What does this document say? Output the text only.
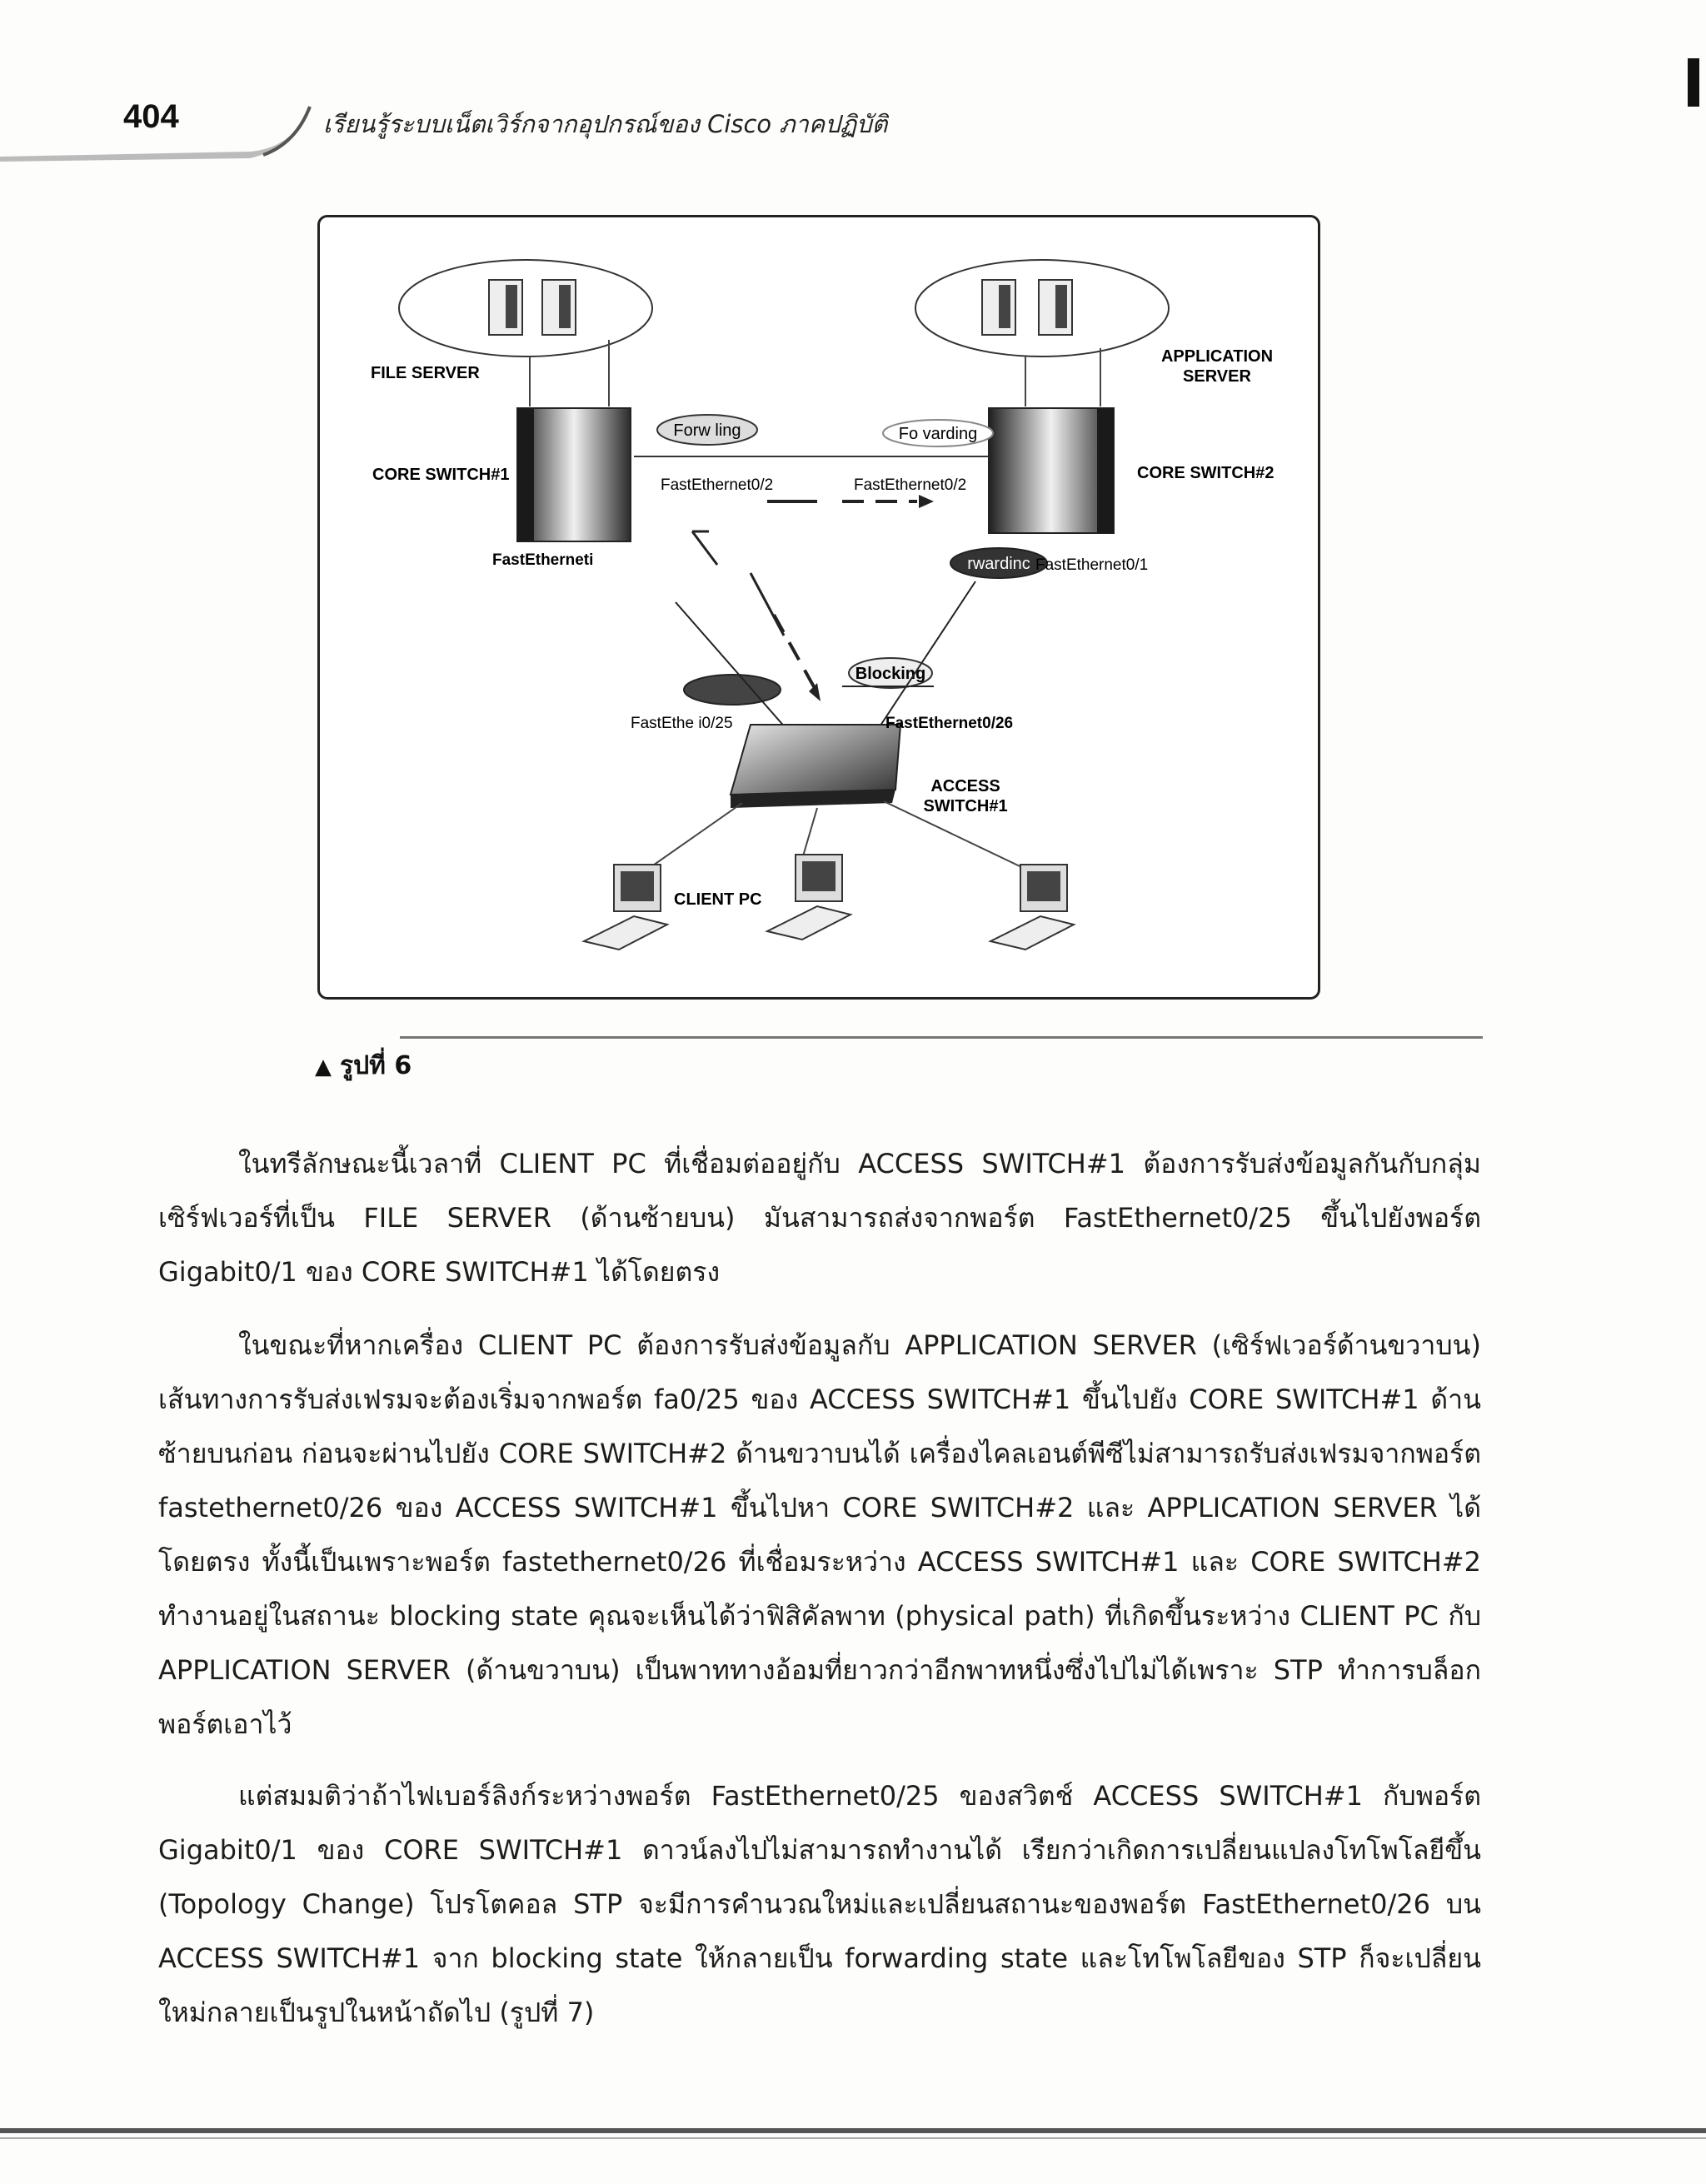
404	เรียนรู้ระบบเน็ตเวิร์กจากอุปกรณ์ของ Cisco ภาคปฏิบัติ
Forw ling	Fo varding
rwardinc
Blocking
FILE SERVER
APPLICATION
SERVER
CORE SWITCH#1	CORE SWITCH#2
FastEthernet0/2	FastEthernet0/2
FastEtherneti	FastEthernet0/1
FastEthe i0/25	FastEthernet0/26
ACCESS
SWITCH#1
CLIENT PC
▲ รูปที่ 6

ในทรีลักษณะนี้เวลาที่ CLIENT PC ที่เชื่อมต่ออยู่กับ ACCESS SWITCH#1 ต้องการรับส่งข้อมูลกันกับกลุ่มเซิร์ฟเวอร์ที่เป็น FILE SERVER (ด้านซ้ายบน) มันสามารถส่งจากพอร์ต FastEthernet0/25 ขึ้นไปยังพอร์ต Gigabit0/1 ของ CORE SWITCH#1 ได้โดยตรง

ในขณะที่หากเครื่อง CLIENT PC ต้องการรับส่งข้อมูลกับ APPLICATION SERVER (เซิร์ฟเวอร์ด้านขวาบน) เส้นทางการรับส่งเฟรมจะต้องเริ่มจากพอร์ต fa0/25 ของ ACCESS SWITCH#1 ขึ้นไปยัง CORE SWITCH#1 ด้านซ้ายบนก่อน ก่อนจะผ่านไปยัง CORE SWITCH#2 ด้านขวาบนได้ เครื่องไคลเอนต์พีซีไม่สามารถรับส่งเฟรมจากพอร์ต fastethernet0/26 ของ ACCESS SWITCH#1 ขึ้นไปหา CORE SWITCH#2 และ APPLICATION SERVER ได้โดยตรง ทั้งนี้เป็นเพราะพอร์ต fastethernet0/26 ที่เชื่อมระหว่าง ACCESS SWITCH#1 และ CORE SWITCH#2 ทำงานอยู่ในสถานะ blocking state คุณจะเห็นได้ว่าฟิสิคัลพาท (physical path) ที่เกิดขึ้นระหว่าง CLIENT PC กับ APPLICATION SERVER (ด้านขวาบน) เป็นพาททางอ้อมที่ยาวกว่าอีกพาทหนึ่งซึ่งไปไม่ได้เพราะ STP ทำการบล็อกพอร์ตเอาไว้

แต่สมมติว่าถ้าไฟเบอร์ลิงก์ระหว่างพอร์ต FastEthernet0/25 ของสวิตช์ ACCESS SWITCH#1 กับพอร์ต Gigabit0/1 ของ CORE SWITCH#1 ดาวน์ลงไปไม่สามารถทำงานได้ เรียกว่าเกิดการเปลี่ยนแปลงโทโพโลยีขึ้น (Topology Change) โปรโตคอล STP จะมีการคำนวณใหม่และเปลี่ยนสถานะของพอร์ต FastEthernet0/26 บน ACCESS SWITCH#1 จาก blocking state ให้กลายเป็น forwarding state และโทโพโลยีของ STP ก็จะเปลี่ยนใหม่กลายเป็นรูปในหน้าถัดไป (รูปที่ 7)
